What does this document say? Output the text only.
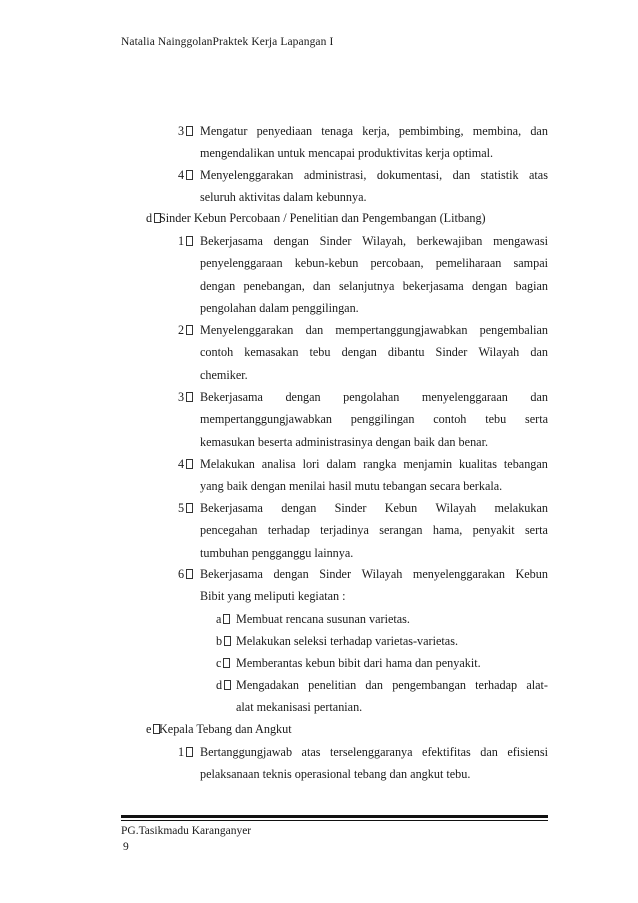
Natalia NainggolanPraktek Kerja Lapangan I
3	Mengatur penyediaan tenaga kerja, pembimbing, membina, dan
mengendalikan untuk mencapai produktivitas kerja optimal.
4	Menyelenggarakan administrasi, dokumentasi, dan statistik atas
seluruh aktivitas dalam kebunnya.
d Sinder Kebun Percobaan / Penelitian dan Pengembangan (Litbang)
1	Bekerjasama dengan Sinder Wilayah, berkewajiban mengawasi
penyelenggaraan kebun-kebun percobaan, pemeliharaan sampai
dengan penebangan, dan selanjutnya bekerjasama dengan bagian
pengolahan dalam penggilingan.
2	Menyelenggarakan dan mempertanggungjawabkan pengembalian
contoh kemasakan tebu dengan dibantu Sinder Wilayah dan
chemiker.
3	Bekerjasama dengan pengolahan menyelenggaraan dan
mempertanggungjawabkan penggilingan contoh tebu serta
kemasukan beserta administrasinya dengan baik dan benar.
4	Melakukan analisa lori dalam rangka menjamin kualitas tebangan
yang baik dengan menilai hasil mutu tebangan secara berkala.
5	Bekerjasama dengan Sinder Kebun Wilayah melakukan
pencegahan terhadap terjadinya serangan hama, penyakit serta
tumbuhan pengganggu lainnya.
6	Bekerjasama dengan Sinder Wilayah menyelenggarakan Kebun
Bibit yang meliputi kegiatan :
a	Membuat rencana susunan varietas.
b	Melakukan seleksi terhadap varietas-varietas.
c	Memberantas kebun bibit dari hama dan penyakit.
d	Mengadakan penelitian dan pengembangan terhadap alat-
alat mekanisasi pertanian.
e Kepala Tebang dan Angkut
1	Bertanggungjawab atas terselenggaranya efektifitas dan efisiensi
pelaksanaan teknis operasional tebang dan angkut tebu.
PG.Tasikmadu Karanganyer
9
